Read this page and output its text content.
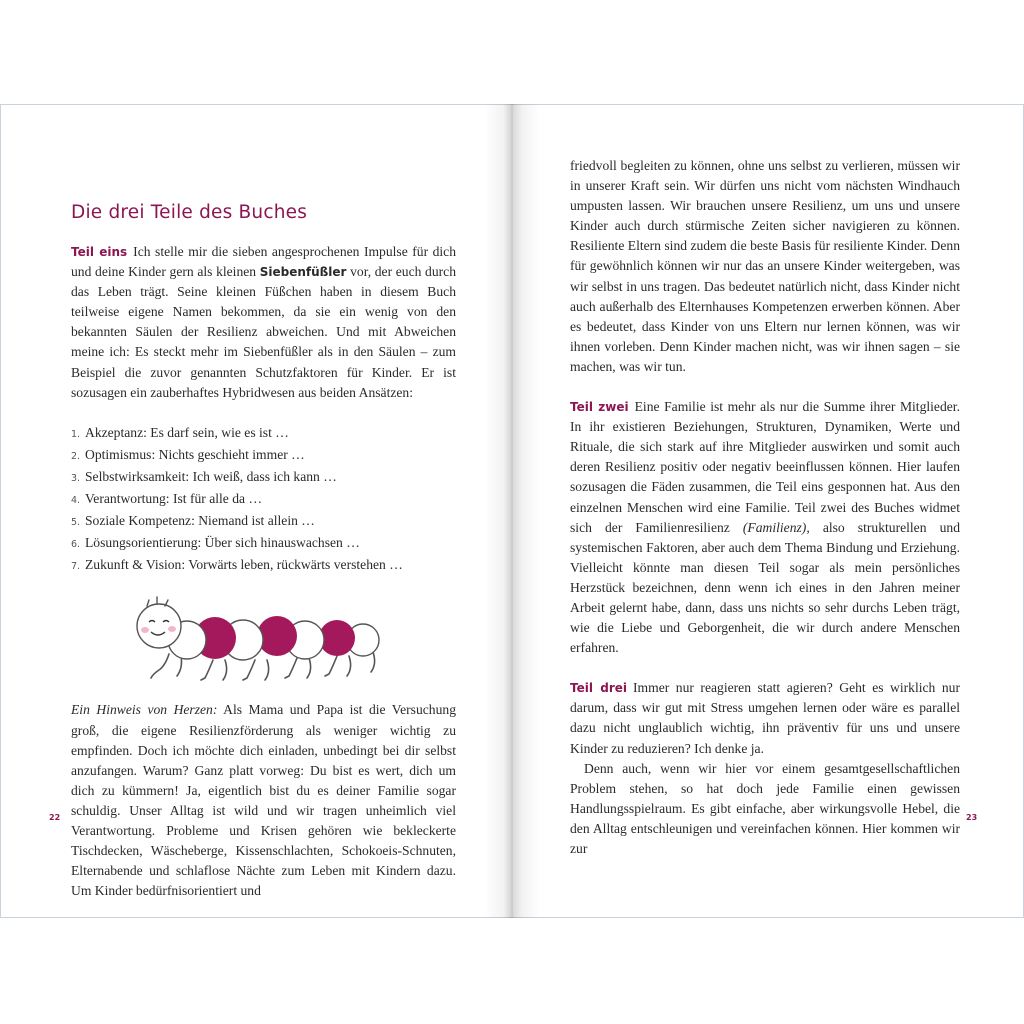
Die drei Teile des Buches

Teil eins Ich stelle mir die sieben angesprochenen Impulse für dich und deine Kinder gern als kleinen Siebenfüßler vor, der euch durch das Leben trägt. Seine kleinen Füßchen haben in diesem Buch teilweise eigene Namen bekommen, da sie ein wenig von den bekannten Säulen der Resilienz abweichen. Und mit Abweichen meine ich: Es steckt mehr im Siebenfüßler als in den Säulen – zum Beispiel die zuvor genannten Schutzfaktoren für Kinder. Er ist sozusagen ein zauberhaftes Hybridwesen aus beiden Ansätzen:

1. Akzeptanz: Es darf sein, wie es ist …
2. Optimismus: Nichts geschieht immer …
3. Selbstwirksamkeit: Ich weiß, dass ich kann …
4. Verantwortung: Ist für alle da …
5. Soziale Kompetenz: Niemand ist allein …
6. Lösungsorientierung: Über sich hinauswachsen …
7. Zukunft & Vision: Vorwärts leben, rückwärts verstehen …

Ein Hinweis von Herzen: Als Mama und Papa ist die Versuchung groß, die eigene Resilienzförderung als weniger wichtig zu empfinden. Doch ich möchte dich einladen, unbedingt bei dir selbst anzufangen. Warum? Ganz platt vorweg: Du bist es wert, dich um dich zu kümmern! Ja, eigentlich bist du es deiner Familie sogar schuldig. Unser Alltag ist wild und wir tragen unheimlich viel Verantwortung. Probleme und Krisen gehören wie bekleckerte Tischdecken, Wäscheberge, Kissenschlachten, Schokoeis-Schnuten, Elternabende und schlaflose Nächte zum Leben mit Kindern dazu. Um Kinder bedürfnisorientiert und

22

friedvoll begleiten zu können, ohne uns selbst zu verlieren, müssen wir in unserer Kraft sein. Wir dürfen uns nicht vom nächsten Windhauch umpusten lassen. Wir brauchen unsere Resilienz, um uns und unsere Kinder auch durch stürmische Zeiten sicher navigieren zu können. Resiliente Eltern sind zudem die beste Basis für resiliente Kinder. Denn für gewöhnlich können wir nur das an unsere Kinder weitergeben, was wir selbst in uns tragen. Das bedeutet natürlich nicht, dass Kinder nicht auch außerhalb des Elternhauses Kompetenzen erwerben können. Aber es bedeutet, dass Kinder von uns Eltern nur lernen können, was wir ihnen vorleben. Denn Kinder machen nicht, was wir ihnen sagen – sie machen, was wir tun.

Teil zwei Eine Familie ist mehr als nur die Summe ihrer Mitglieder. In ihr existieren Beziehungen, Strukturen, Dynamiken, Werte und Rituale, die sich stark auf ihre Mitglieder auswirken und somit auch deren Resilienz positiv oder negativ beeinflussen können. Hier laufen sozusagen die Fäden zusammen, die Teil eins gesponnen hat. Aus den einzelnen Menschen wird eine Familie. Teil zwei des Buches widmet sich der Familienresilienz (Familienz), also strukturellen und systemischen Faktoren, aber auch dem Thema Bindung und Erziehung. Vielleicht könnte man diesen Teil sogar als mein persönliches Herzstück bezeichnen, denn wenn ich eines in den Jahren meiner Arbeit gelernt habe, dann, dass uns nichts so sehr durchs Leben trägt, wie die Liebe und Geborgenheit, die wir durch andere Menschen erfahren.

Teil drei Immer nur reagieren statt agieren? Geht es wirklich nur darum, dass wir gut mit Stress umgehen lernen oder wäre es parallel dazu nicht unglaublich wichtig, ihn präventiv für uns und unsere Kinder zu reduzieren? Ich denke ja.

Denn auch, wenn wir hier vor einem gesamtgesellschaftlichen Problem stehen, so hat doch jede Familie einen gewissen Handlungsspielraum. Es gibt einfache, aber wirkungsvolle Hebel, die den Alltag entschleunigen und vereinfachen können. Hier kommen wir zur

23
